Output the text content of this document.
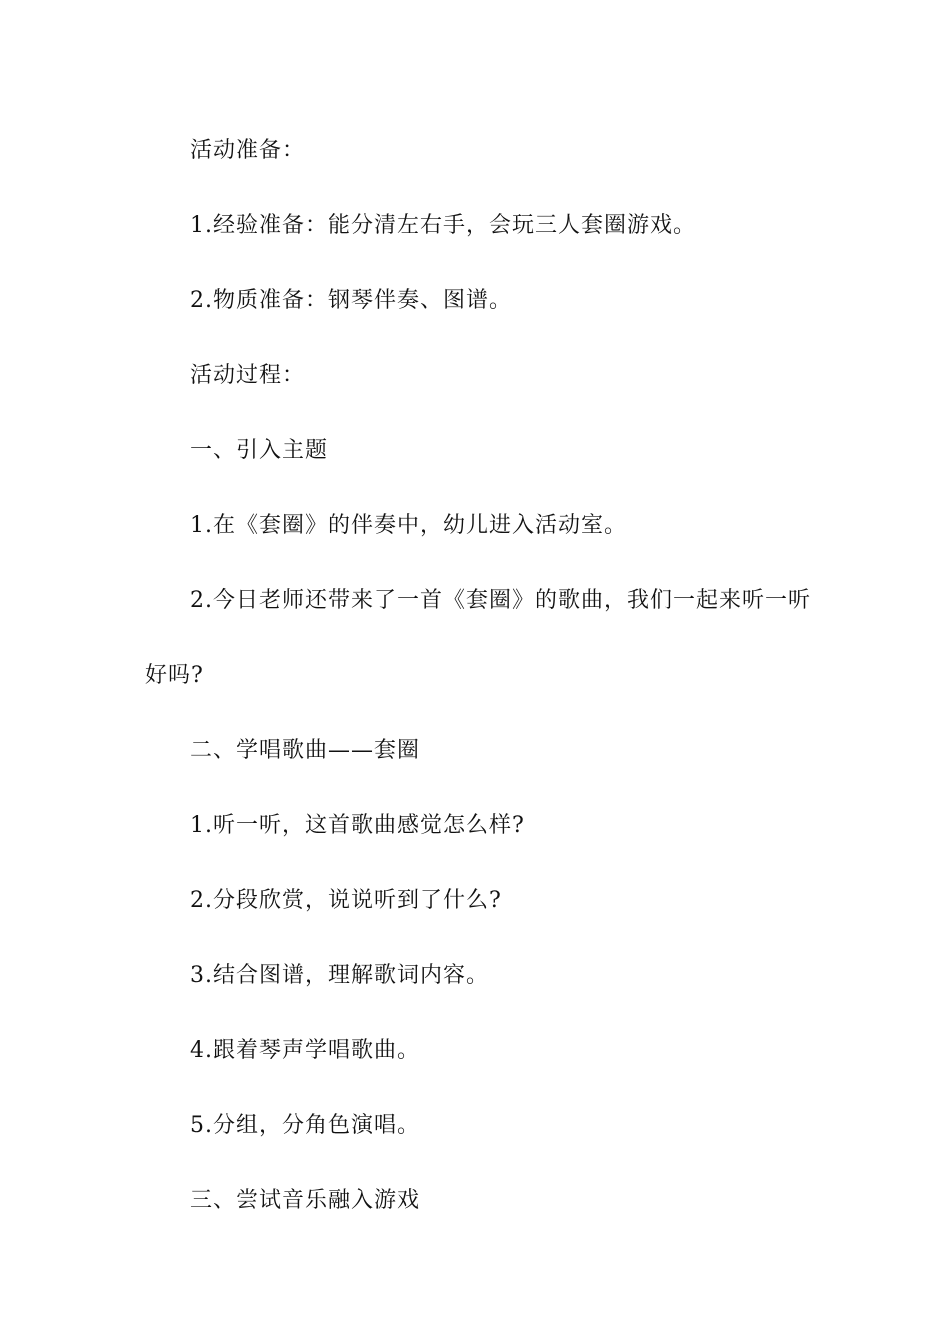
活动准备：
1.经验准备：能分清左右手，会玩三人套圈游戏。
2.物质准备：钢琴伴奏、图谱。
活动过程：
一、引入主题
1.在《套圈》的伴奏中，幼儿进入活动室。
2.今日老师还带来了一首《套圈》的歌曲，我们一起来听一听
好吗?
二、学唱歌曲——套圈
1.听一听，这首歌曲感觉怎么样?
2.分段欣赏，说说听到了什么?
3.结合图谱，理解歌词内容。
4.跟着琴声学唱歌曲。
5.分组，分角色演唱。
三、尝试音乐融入游戏
